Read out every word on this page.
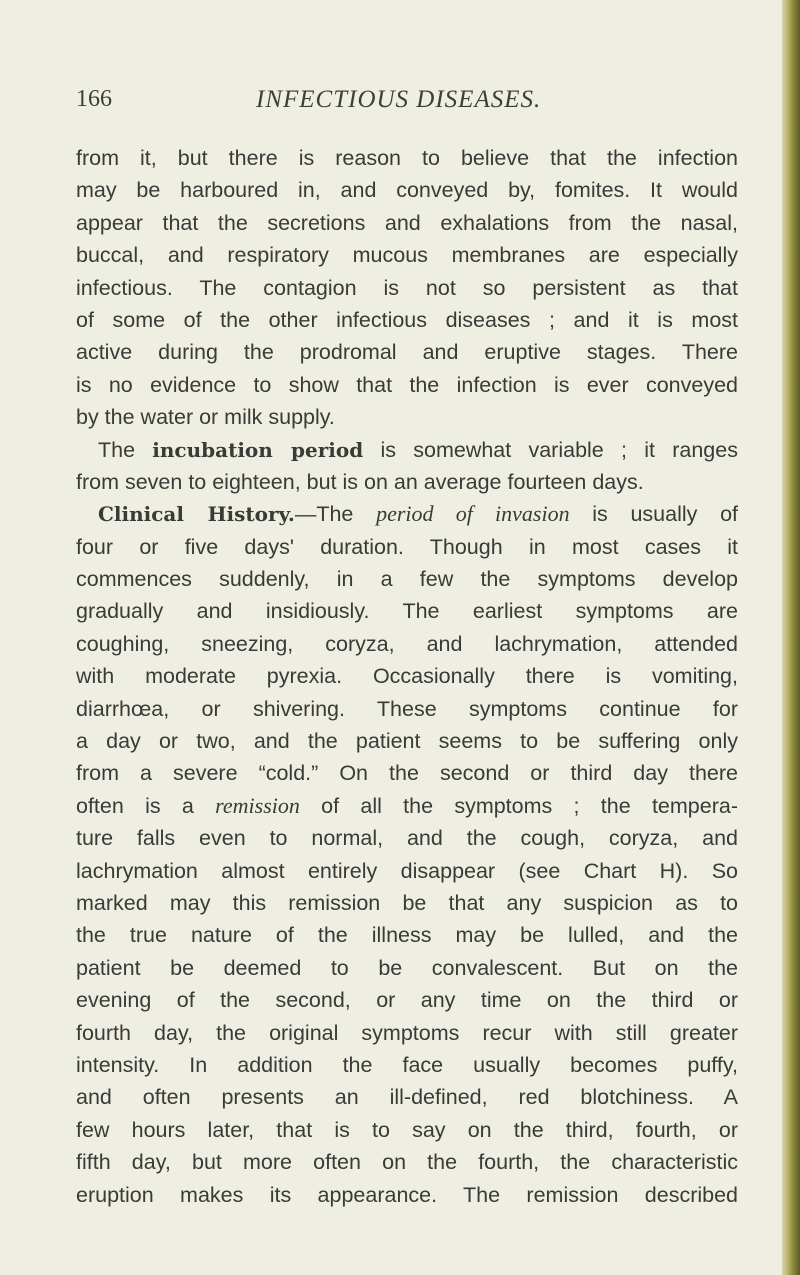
166	INFECTIOUS DISEASES.
from it, but there is reason to believe that the infection
may be harboured in, and conveyed by, fomites. It would
appear that the secretions and exhalations from the nasal,
buccal, and respiratory mucous membranes are especially
infectious. The contagion is not so persistent as that
of some of the other infectious diseases ; and it is most
active during the prodromal and eruptive stages. There
is no evidence to show that the infection is ever conveyed
by the water or milk supply.
The incubation period is somewhat variable ; it ranges
from seven to eighteen, but is on an average fourteen days.
Clinical History.—The period of invasion is usually of
four or five days' duration. Though in most cases it
commences suddenly, in a few the symptoms develop
gradually and insidiously. The earliest symptoms are
coughing, sneezing, coryza, and lachrymation, attended
with moderate pyrexia. Occasionally there is vomiting,
diarrhœa, or shivering. These symptoms continue for
a day or two, and the patient seems to be suffering only
from a severe “cold.” On the second or third day there
often is a remission of all the symptoms ; the tempera-
ture falls even to normal, and the cough, coryza, and
lachrymation almost entirely disappear (see Chart H). So
marked may this remission be that any suspicion as to
the true nature of the illness may be lulled, and the
patient be deemed to be convalescent. But on the
evening of the second, or any time on the third or
fourth day, the original symptoms recur with still greater
intensity. In addition the face usually becomes puffy,
and often presents an ill-defined, red blotchiness. A
few hours later, that is to say on the third, fourth, or
fifth day, but more often on the fourth, the characteristic
eruption makes its appearance. The remission described
